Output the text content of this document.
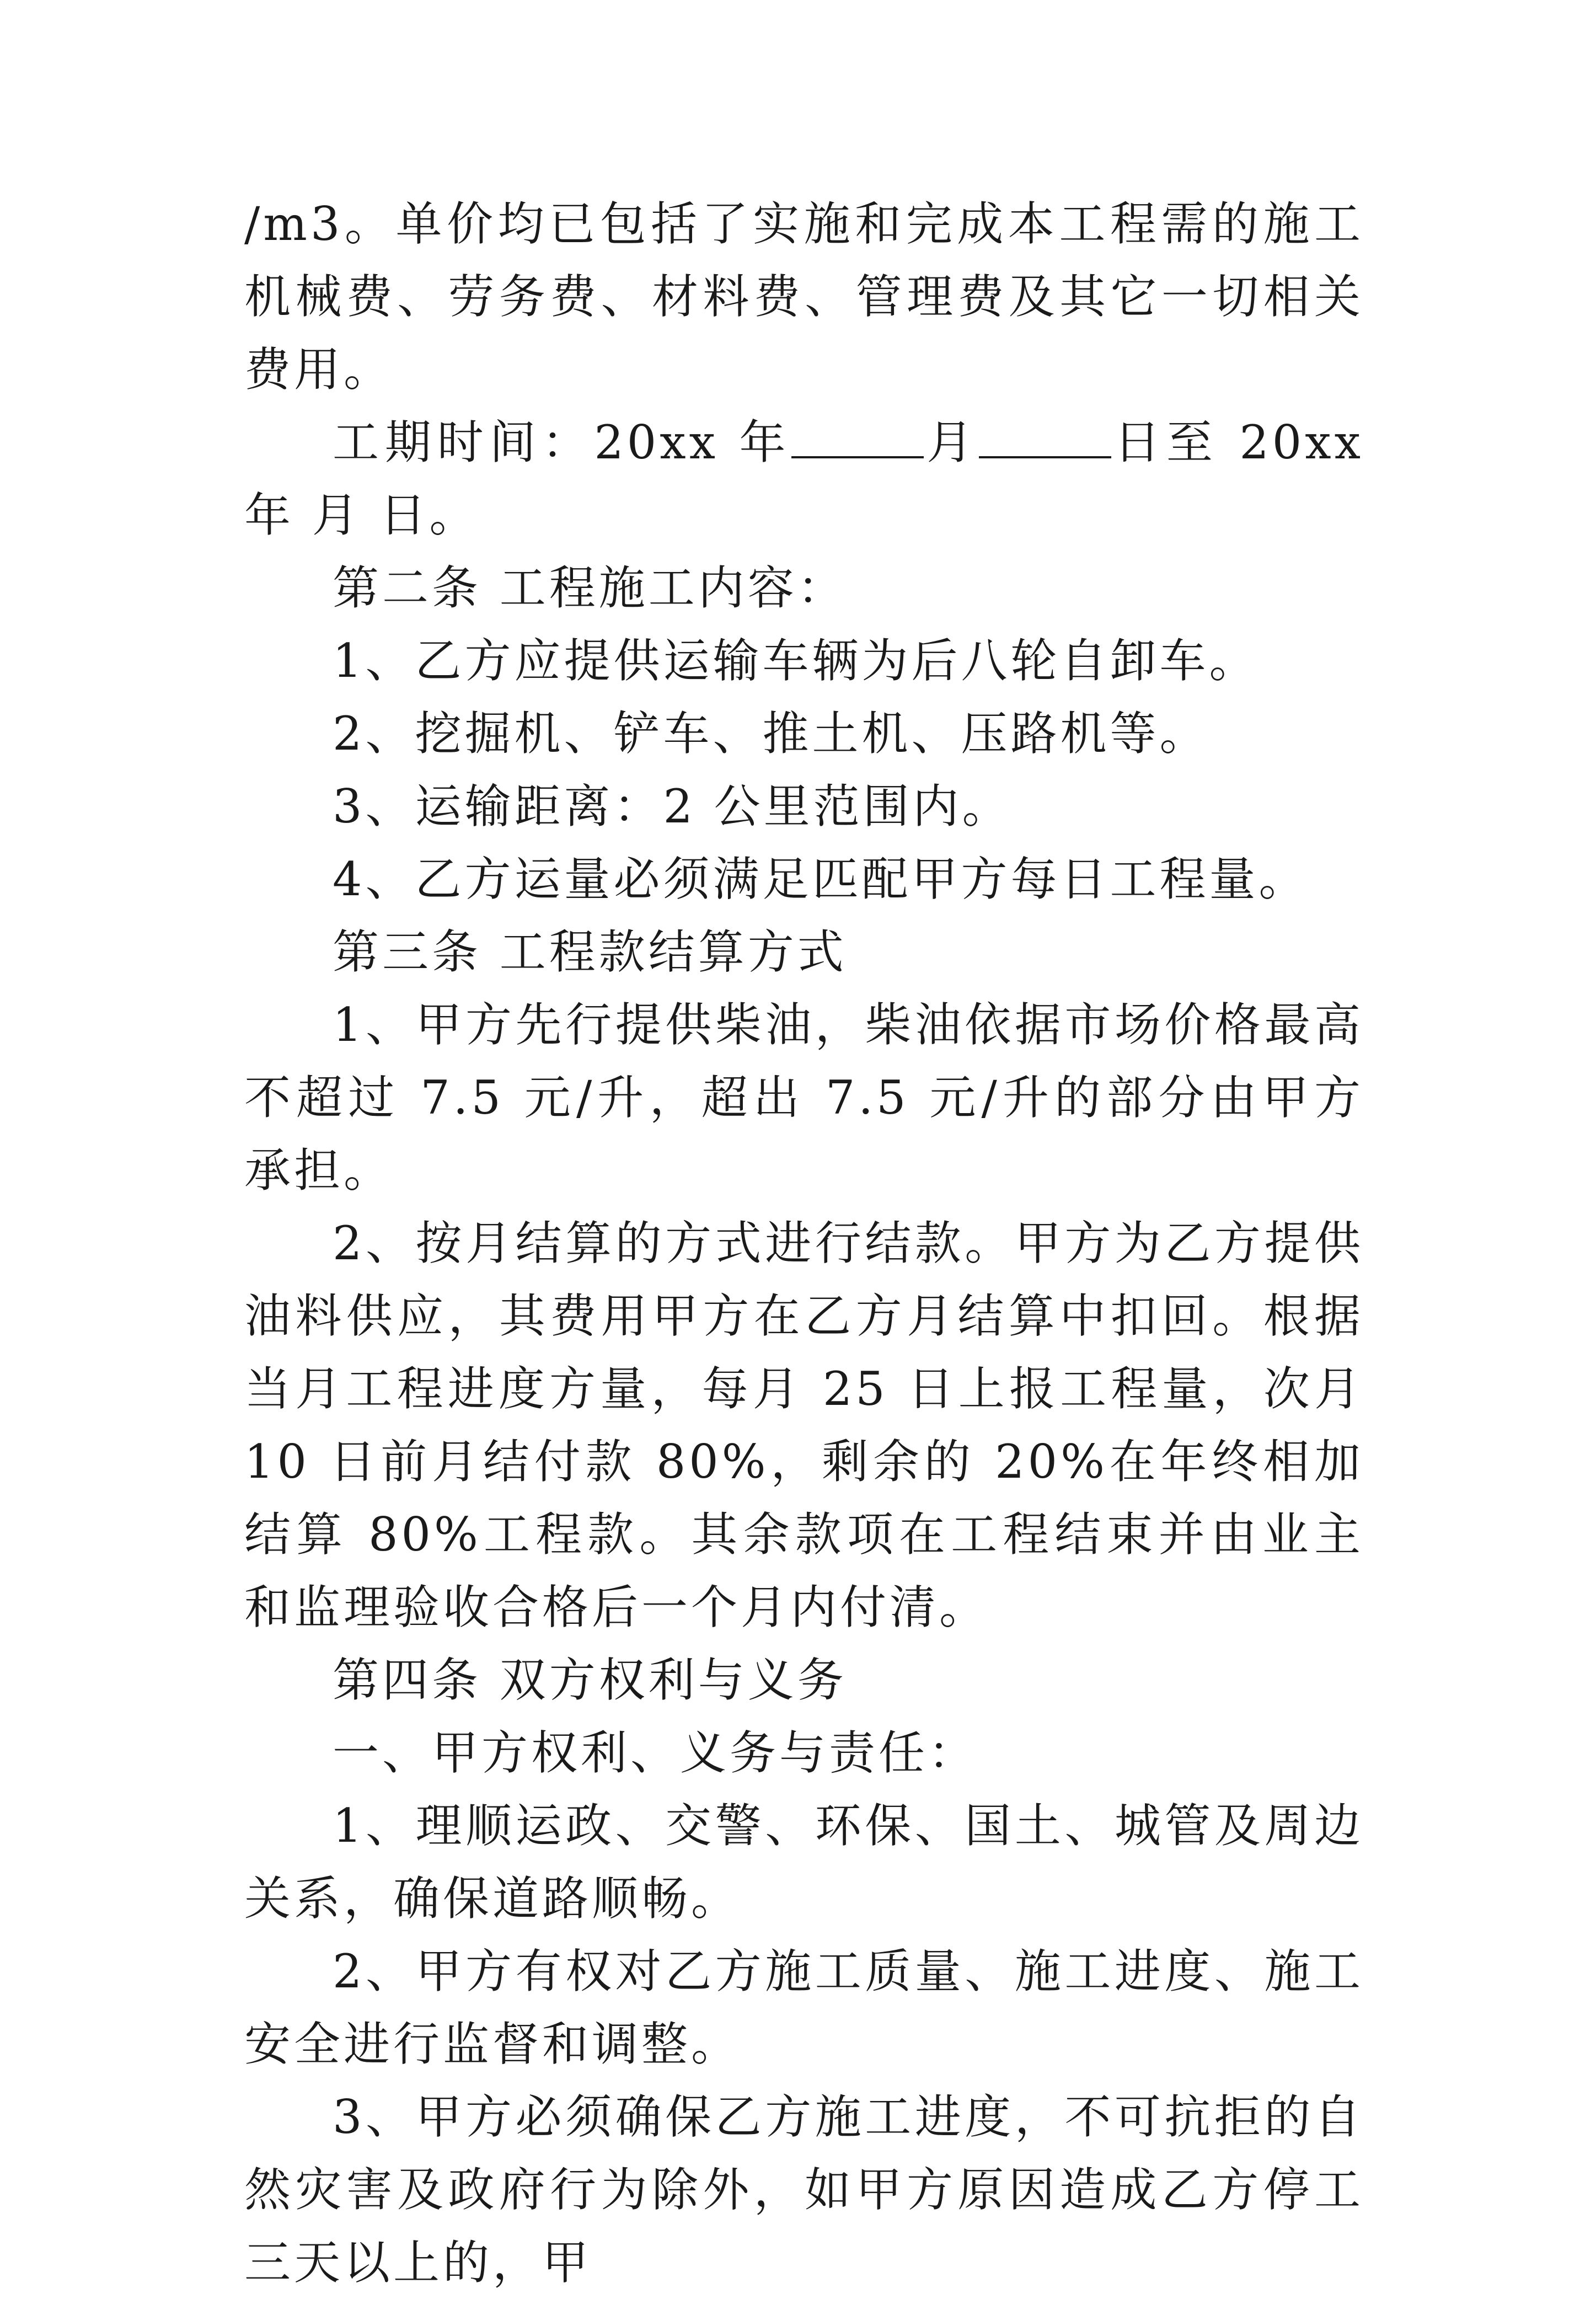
/m3。单价均已包括了实施和完成本工程需的施工机械费、劳务费、材料费、管理费及其它一切相关费用。

工期时间：20xx 年	月	日至 20xx 年 月 日。

第二条 工程施工内容：

1、乙方应提供运输车辆为后八轮自卸车。

2、挖掘机、铲车、推土机、压路机等。

3、运输距离：2 公里范围内。

4、乙方运量必须满足匹配甲方每日工程量。

第三条 工程款结算方式

1、甲方先行提供柴油，柴油依据市场价格最高不超过 7.5 元/升，超出 7.5 元/升的部分由甲方承担。

2、按月结算的方式进行结款。甲方为乙方提供油料供应，其费用甲方在乙方月结算中扣回。根据当月工程进度方量，每月 25 日上报工程量，次月 10 日前月结付款 80%，剩余的 20%在年终相加结算 80%工程款。其余款项在工程结束并由业主和监理验收合格后一个月内付清。

第四条 双方权利与义务

一、甲方权利、义务与责任：

1、理顺运政、交警、环保、国土、城管及周边关系，确保道路顺畅。

2、甲方有权对乙方施工质量、施工进度、施工安全进行监督和调整。

3、甲方必须确保乙方施工进度，不可抗拒的自然灾害及政府行为除外，如甲方原因造成乙方停工三天以上的，甲
